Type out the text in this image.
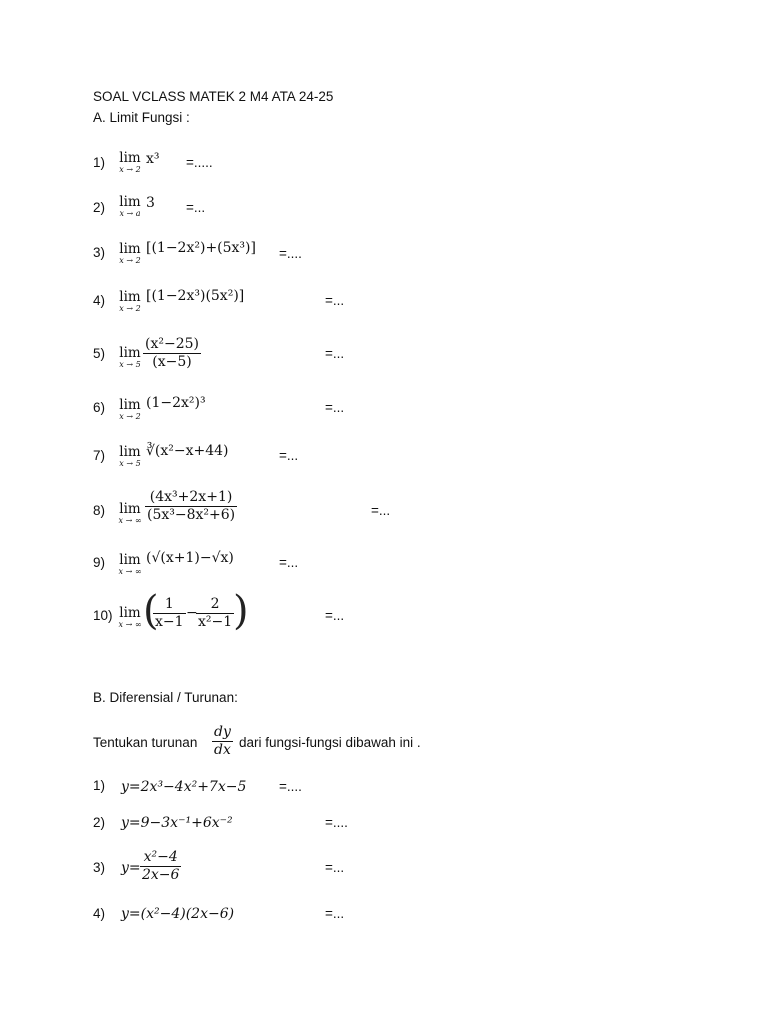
SOAL VCLASS MATEK 2 M4 ATA 24-25
A. Limit Fungsi :
1) lim
x → 2
x³ =.....
2) lim
x → a
3 =...
3) lim
x → 2
[(1−2x²)+(5x³)] =....
4) lim
x → 2
[(1−2x³)(5x²)]	=...
5) lim
$x \to 5 \frac{\text{(x²−25)}}{(x-5)}$	=...
6) lim
x → 2
(1−2x²)³	=...
7) lim
x → 5
∛(x²−x+44)	=...
8) lim
x → ∞ $\frac{\text{(4x³+2x+1)}}{\text{(5x³−8x²+6)}}$	=...
9) lim
x → ∞
(√(x+1)−√x)	=...
10) lim
x → ∞ (
$\frac{1}{x-1}$ −
$\frac{2}{\text{x²−1}}$
)	=...
B. Diferensial / Turunan:
Tentukan turunan $\frac{dy}{dx}$ dari fungsi-fungsi dibawah ini .
1) y=2x³−4x²+7x−5 =....
2) y=9−3x⁻¹+6x⁻²	=....
3) $y= \frac{\text{x²−4}}{2x-6}$	=...
4) y=(x²−4)(2x−6)	=...
